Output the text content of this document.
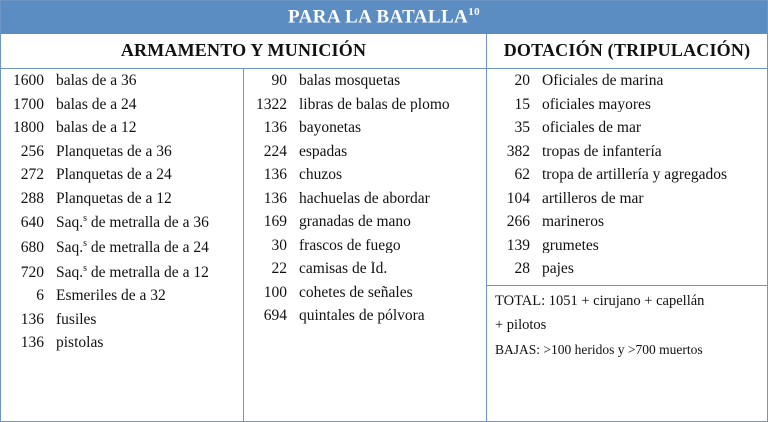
PARA LA BATALLA$^{10}$
ARMAMENTO Y MUNICIÓN	DOTACIÓN (TRIPULACIÓN)
1600 balas de a 36
1700 balas de a 24
1800 balas de a 12
256 Planquetas de a 36
272 Planquetas de a 24
288 Planquetas de a 12
640 Saq.$^s$ de metralla de a 36
680 Saq.$^s$ de metralla de a 24
720 Saq.$^s$ de metralla de a 12
6 Esmeriles de a 32
136 fusiles
136 pistolas
90 balas mosquetas
1322 libras de balas de plomo
136 bayonetas
224 espadas
136 chuzos
136 hachuelas de abordar
169 granadas de mano
30 frascos de fuego
22 camisas de Íd.
100 cohetes de señales
694 quintales de pólvora
20 Oficiales de marina
15 oficiales mayores
35 oficiales de mar
382 tropas de infantería
62 tropa de artillería y agregados
104 artilleros de mar
266 marineros
139 grumetes
28 pajes
TOTAL: 1051 + cirujano + capellán
+ pilotos
BAJAS: >100 heridos y >700 muertos
